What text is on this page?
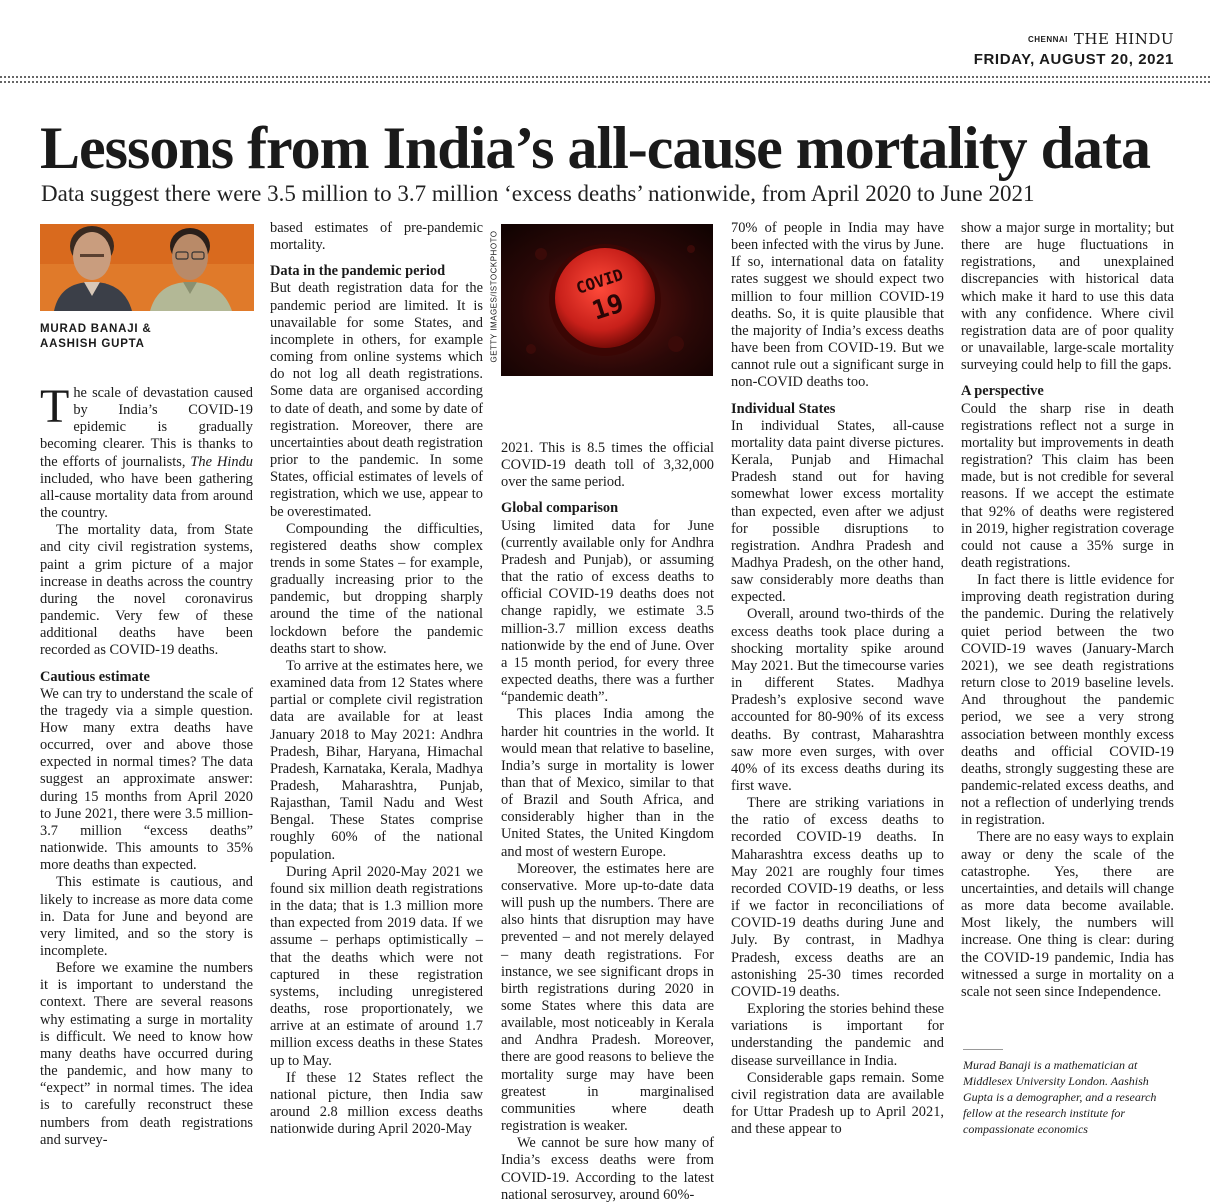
CHENNAI THE HINDU
FRIDAY, AUGUST 20, 2021
Lessons from India’s all-cause mortality data
Data suggest there were 3.5 million to 3.7 million ‘excess deaths’ nationwide, from April 2020 to June 2021
MURAD BANAJI &
AASHISH GUPTA	GETTY IMAGES/ISTOCKPHOTO	COVID
19

The scale of devastation caused by India’s COVID-19 epidemic is gradually becoming clearer. This is thanks to the efforts of journalists, The Hindu included, who have been gathering all-cause mortality data from around the country.

The mortality data, from State and city civil registration systems, paint a grim picture of a major increase in deaths across the country during the novel coronavirus pandemic. Very few of these additional deaths have been recorded as COVID-19 deaths.

Cautious estimate

We can try to understand the scale of the tragedy via a simple question. How many extra deaths have occurred, over and above those expected in normal times? The data suggest an approximate answer: during 15 months from April 2020 to June 2021, there were 3.5 million-3.7 million “excess deaths” nationwide. This amounts to 35% more deaths than expected.

This estimate is cautious, and likely to increase as more data come in. Data for June and beyond are very limited, and so the story is incomplete.

Before we examine the numbers it is important to understand the context. There are several reasons why estimating a surge in mortality is difficult. We need to know how many deaths have occurred during the pandemic, and how many to “expect” in normal times. The idea is to carefully reconstruct these numbers from death registrations and survey-

based estimates of pre-pandemic mortality.

Data in the pandemic period

But death registration data for the pandemic period are limited. It is unavailable for some States, and incomplete in others, for example coming from online systems which do not log all death registrations. Some data are organised according to date of death, and some by date of registration. Moreover, there are uncertainties about death registration prior to the pandemic. In some States, official estimates of levels of registration, which we use, appear to be overestimated.

Compounding the difficulties, registered deaths show complex trends in some States – for example, gradually increasing prior to the pandemic, but dropping sharply around the time of the national lockdown before the pandemic deaths start to show.

To arrive at the estimates here, we examined data from 12 States where partial or complete civil registration data are available for at least January 2018 to May 2021: Andhra Pradesh, Bihar, Haryana, Himachal Pradesh, Karnataka, Kerala, Madhya Pradesh, Maharashtra, Punjab, Rajasthan, Tamil Nadu and West Bengal. These States comprise roughly 60% of the national population.

During April 2020-May 2021 we found six million death registrations in the data; that is 1.3 million more than expected from 2019 data. If we assume – perhaps optimistically – that the deaths which were not captured in these registration systems, including unregistered deaths, rose proportionately, we arrive at an estimate of around 1.7 million excess deaths in these States up to May.

If these 12 States reflect the national picture, then India saw around 2.8 million excess deaths nationwide during April 2020-May

2021. This is 8.5 times the official COVID-19 death toll of 3,32,000 over the same period.

Global comparison

Using limited data for June (currently available only for Andhra Pradesh and Punjab), or assuming that the ratio of excess deaths to official COVID-19 deaths does not change rapidly, we estimate 3.5 million-3.7 million excess deaths nationwide by the end of June. Over a 15 month period, for every three expected deaths, there was a further “pandemic death”.

This places India among the harder hit countries in the world. It would mean that relative to baseline, India’s surge in mortality is lower than that of Mexico, similar to that of Brazil and South Africa, and considerably higher than in the United States, the United Kingdom and most of western Europe.

Moreover, the estimates here are conservative. More up-to-date data will push up the numbers. There are also hints that disruption may have prevented – and not merely delayed – many death registrations. For instance, we see significant drops in birth registrations during 2020 in some States where this data are available, most noticeably in Kerala and Andhra Pradesh. Moreover, there are good reasons to believe the mortality surge may have been greatest in marginalised communities where death registration is weaker.

We cannot be sure how many of India’s excess deaths were from COVID-19. According to the latest national serosurvey, around 60%-

70% of people in India may have been infected with the virus by June. If so, international data on fatality rates suggest we should expect two million to four million COVID-19 deaths. So, it is quite plausible that the majority of India’s excess deaths have been from COVID-19. But we cannot rule out a significant surge in non-COVID deaths too.

Individual States

In individual States, all-cause mortality data paint diverse pictures. Kerala, Punjab and Himachal Pradesh stand out for having somewhat lower excess mortality than expected, even after we adjust for possible disruptions to registration. Andhra Pradesh and Madhya Pradesh, on the other hand, saw considerably more deaths than expected.

Overall, around two-thirds of the excess deaths took place during a shocking mortality spike around May 2021. But the timecourse varies in different States. Madhya Pradesh’s explosive second wave accounted for 80-90% of its excess deaths. By contrast, Maharashtra saw more even surges, with over 40% of its excess deaths during its first wave.

There are striking variations in the ratio of excess deaths to recorded COVID-19 deaths. In Maharashtra excess deaths up to May 2021 are roughly four times recorded COVID-19 deaths, or less if we factor in reconciliations of COVID-19 deaths during June and July. By contrast, in Madhya Pradesh, excess deaths are an astonishing 25-30 times recorded COVID-19 deaths.

Exploring the stories behind these variations is important for understanding the pandemic and disease surveillance in India.

Considerable gaps remain. Some civil registration data are available for Uttar Pradesh up to April 2021, and these appear to

show a major surge in mortality; but there are huge fluctuations in registrations, and unexplained discrepancies with historical data which make it hard to use this data with any confidence. Where civil registration data are of poor quality or unavailable, large-scale mortality surveying could help to fill the gaps.

A perspective

Could the sharp rise in death registrations reflect not a surge in mortality but improvements in death registration? This claim has been made, but is not credible for several reasons. If we accept the estimate that 92% of deaths were registered in 2019, higher registration coverage could not cause a 35% surge in death registrations.

In fact there is little evidence for improving death registration during the pandemic. During the relatively quiet period between the two COVID-19 waves (January-March 2021), we see death registrations return close to 2019 baseline levels. And throughout the pandemic period, we see a very strong association between monthly excess deaths and official COVID-19 deaths, strongly suggesting these are pandemic-related excess deaths, and not a reflection of underlying trends in registration.

There are no easy ways to explain away or deny the scale of the catastrophe. Yes, there are uncertainties, and details will change as more data become available. Most likely, the numbers will increase. One thing is clear: during the COVID-19 pandemic, India has witnessed a surge in mortality on a scale not seen since Independence.

Murad Banaji is a mathematician at Middlesex University London. Aashish Gupta is a demographer, and a research fellow at the research institute for compassionate economics
